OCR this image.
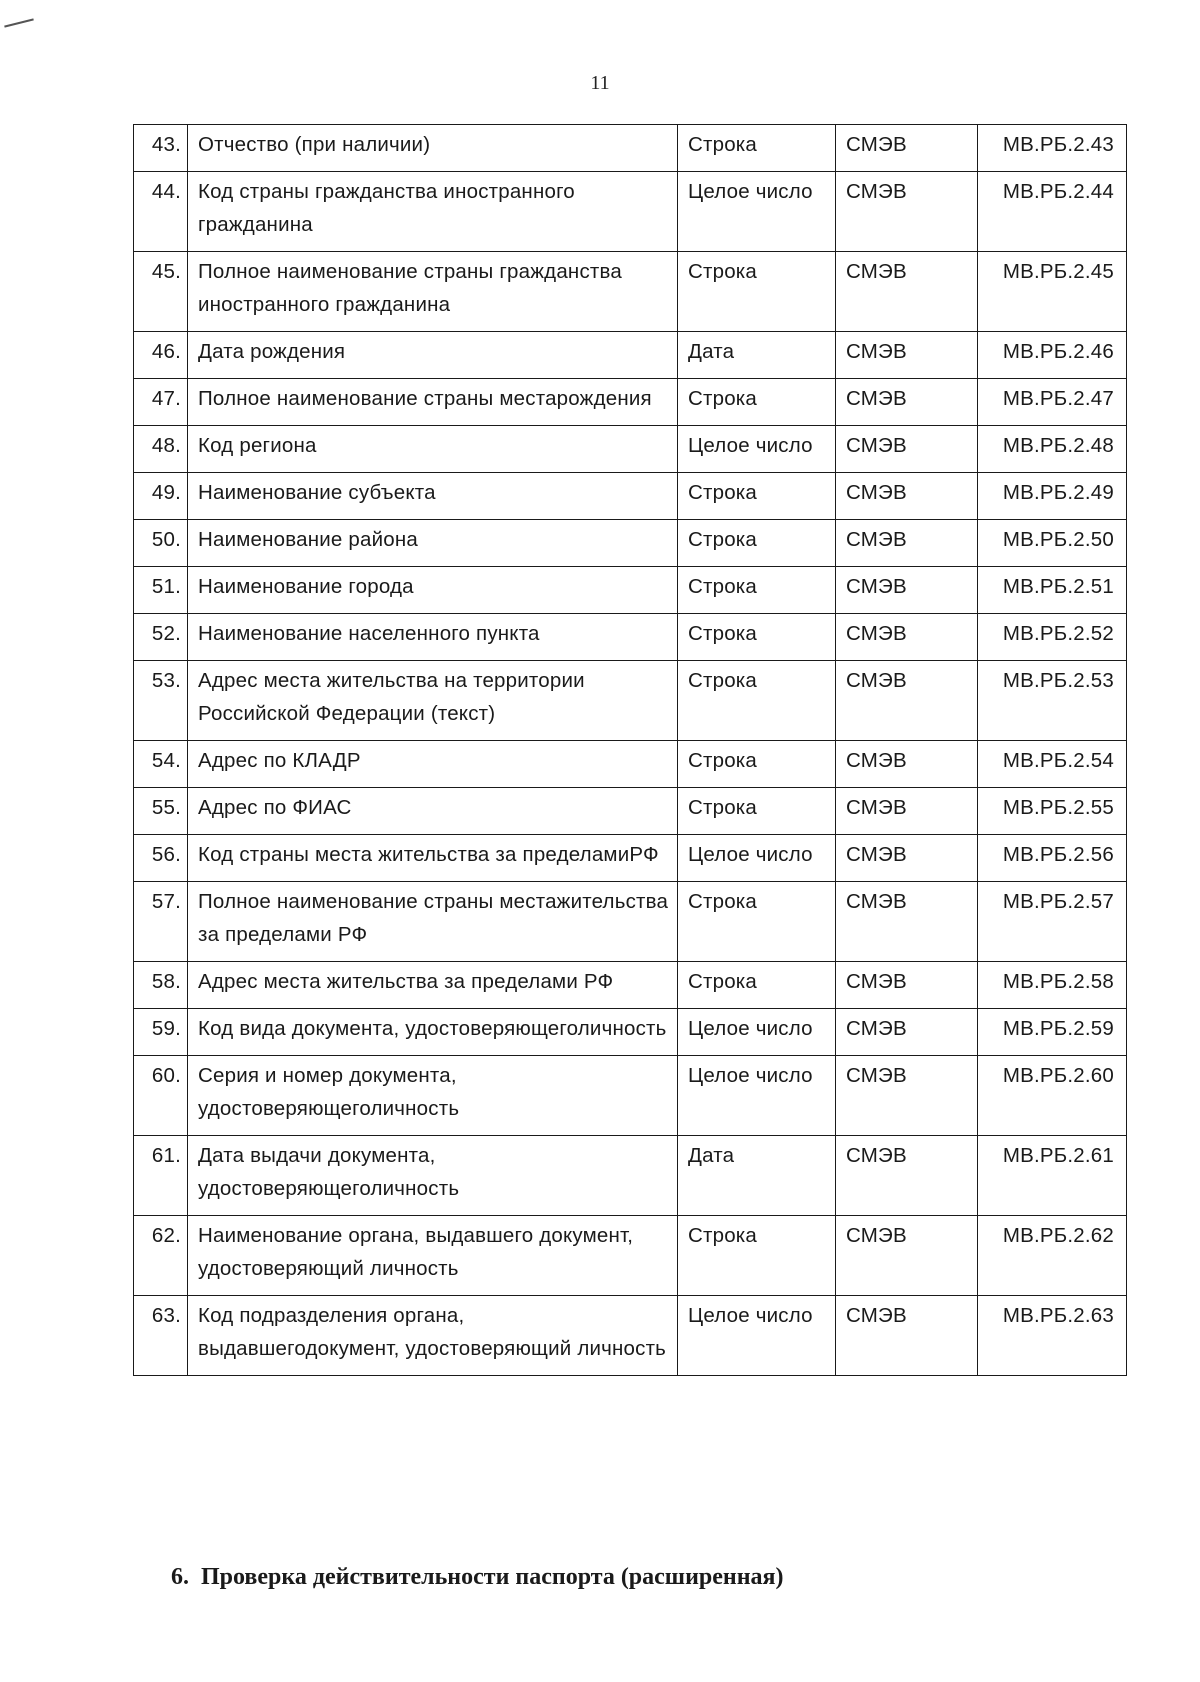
11
43.	Отчество (при наличии)	Строка	СМЭВ	МВ.РБ.2.43
44.	Код страны гражданства иностранного гражданина	Целое число	СМЭВ	МВ.РБ.2.44
45.	Полное наименование страны гражданства иностранного гражданина	Строка	СМЭВ	МВ.РБ.2.45
46.	Дата рождения	Дата	СМЭВ	МВ.РБ.2.46
47.	Полное наименование страны местарождения	Строка	СМЭВ	МВ.РБ.2.47
48.	Код региона	Целое число	СМЭВ	МВ.РБ.2.48
49.	Наименование субъекта	Строка	СМЭВ	МВ.РБ.2.49
50.	Наименование района	Строка	СМЭВ	МВ.РБ.2.50
51.	Наименование города	Строка	СМЭВ	МВ.РБ.2.51
52.	Наименование населенного пункта	Строка	СМЭВ	МВ.РБ.2.52
53.	Адрес места жительства на территории Российской Федерации (текст)	Строка	СМЭВ	МВ.РБ.2.53
54.	Адрес по КЛАДР	Строка	СМЭВ	МВ.РБ.2.54
55.	Адрес по ФИАС	Строка	СМЭВ	МВ.РБ.2.55
56.	Код страны места жительства за пределамиРФ	Целое число	СМЭВ	МВ.РБ.2.56
57.	Полное наименование страны местажительства за пределами РФ	Строка	СМЭВ	МВ.РБ.2.57
58.	Адрес места жительства за пределами РФ	Строка	СМЭВ	МВ.РБ.2.58
59.	Код вида документа, удостоверяющеголичность	Целое число	СМЭВ	МВ.РБ.2.59
60.	Серия и номер документа, удостоверяющеголичность	Целое число	СМЭВ	МВ.РБ.2.60
61.	Дата выдачи документа, удостоверяющеголичность	Дата	СМЭВ	МВ.РБ.2.61
62.	Наименование органа, выдавшего документ, удостоверяющий личность	Строка	СМЭВ	МВ.РБ.2.62
63.	Код подразделения органа, выдавшегодокумент, удостоверяющий личность	Целое число	СМЭВ	МВ.РБ.2.63
6. Проверка действительности паспорта (расширенная)
